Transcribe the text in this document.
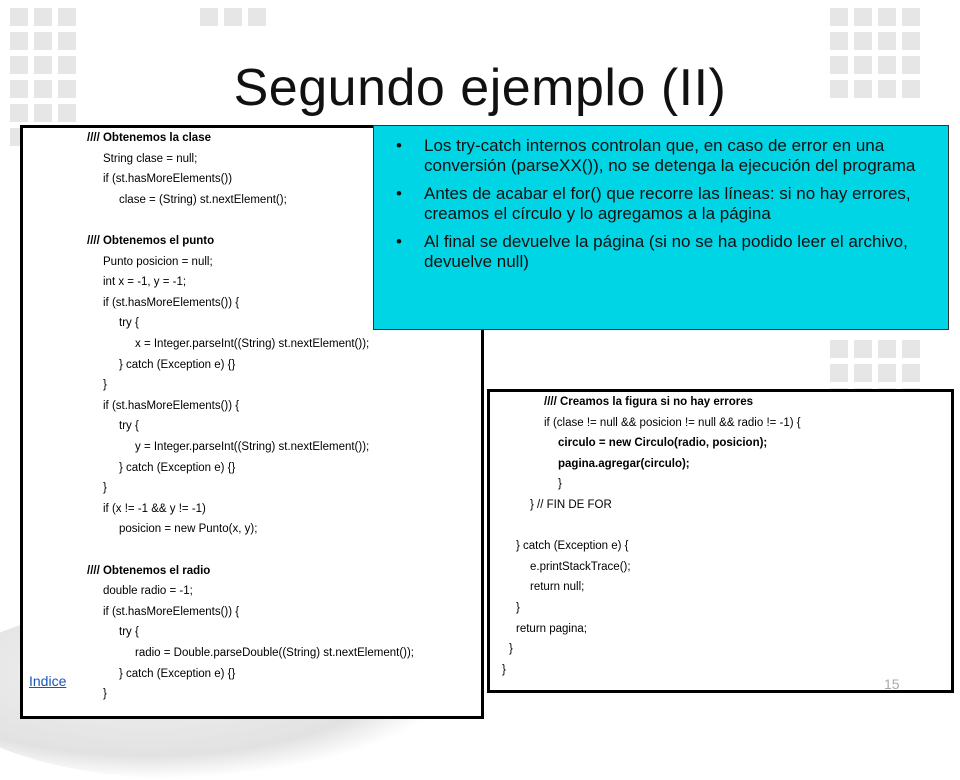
Segundo ejemplo (II)
//// Obtenemos la clase
String clase = null;
if (st.hasMoreElements())
clase = (String) st.nextElement();
//// Obtenemos el punto
Punto posicion = null;
int x = -1, y = -1;
if (st.hasMoreElements()) {
try {
x = Integer.parseInt((String) st.nextElement());
} catch (Exception e) {}
}
if (st.hasMoreElements()) {
try {
y = Integer.parseInt((String) st.nextElement());
} catch (Exception e) {}
}
if (x != -1 && y != -1)
posicion = new Punto(x, y);
//// Obtenemos el radio
double radio = -1;
if (st.hasMoreElements()) {
try {
radio = Double.parseDouble((String) st.nextElement());
} catch (Exception e) {}
}
//// Creamos la figura si no hay errores
if (clase != null && posicion != null && radio != -1) {
circulo = new Circulo(radio, posicion);
pagina.agregar(circulo);
}
} // FIN DE FOR
} catch (Exception e) {
e.printStackTrace();
return null;
}
return pagina;
}
}
• Los try-catch internos controlan que, en caso de error en una conversión (parseXX()), no se detenga la ejecución del programa
• Antes de acabar el for() que recorre las líneas: si no hay errores, creamos el círculo y lo agregamos a la página
• Al final se devuelve la página (si no se ha podido leer el archivo, devuelve null)
Indice	15
